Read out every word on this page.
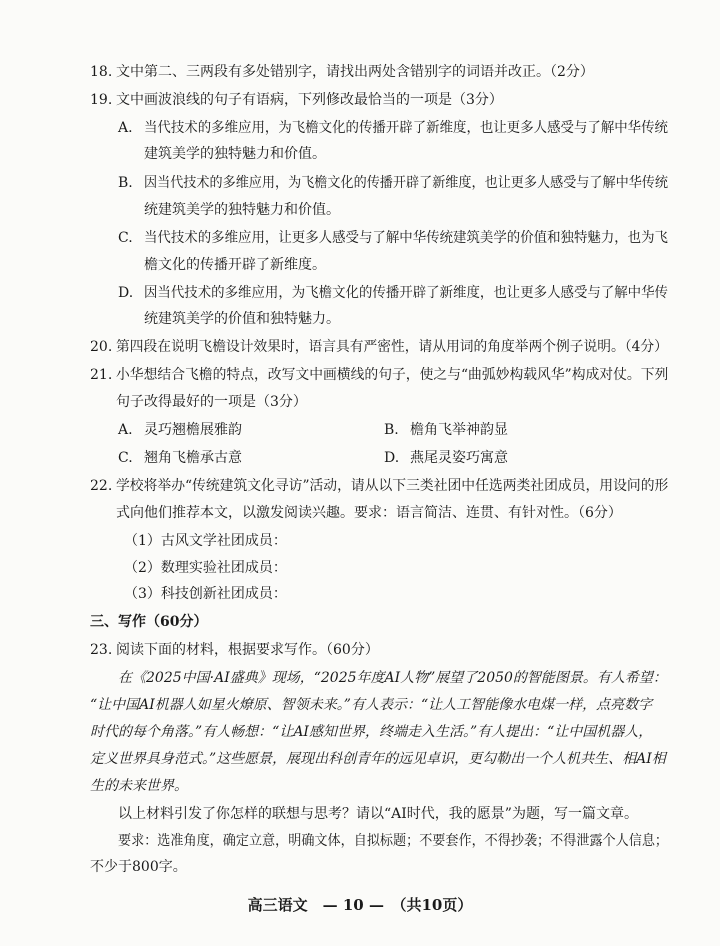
18. 文中第二、三两段有多处错别字，请找出两处含错别字的词语并改正。（2分）
19. 文中画波浪线的句子有语病，下列修改最恰当的一项是（3分）
A. 当代技术的多维应用，为飞檐文化的传播开辟了新维度，也让更多人感受与了解中华传统
建筑美学的独特魅力和价值。
B. 因当代技术的多维应用，为飞檐文化的传播开辟了新维度，也让更多人感受与了解中华传统
统建筑美学的独特魅力和价值。
C. 当代技术的多维应用，让更多人感受与了解中华传统建筑美学的价值和独特魅力，也为飞
檐文化的传播开辟了新维度。
D. 因当代技术的多维应用，为飞檐文化的传播开辟了新维度，也让更多人感受与了解中华传
统建筑美学的价值和独特魅力。
20. 第四段在说明飞檐设计效果时，语言具有严密性，请从用词的角度举两个例子说明。（4分）
21. 小华想结合飞檐的特点，改写文中画横线的句子，使之与“曲弧妙构载风华”构成对仗。下列
句子改得最好的一项是（3分）
A. 灵巧翘檐展雅韵	B. 檐角飞举神韵显
C. 翘角飞檐承古意	D. 燕尾灵姿巧寓意
22. 学校将举办“传统建筑文化寻访”活动，请从以下三类社团中任选两类社团成员，用设问的形
式向他们推荐本文，以激发阅读兴趣。要求：语言简洁、连贯、有针对性。（6分）
（1）古风文学社团成员：
（2）数理实验社团成员：
（3）科技创新社团成员：
三、写作（60分）
23. 阅读下面的材料，根据要求写作。（60分）
在《2025中国·AI盛典》现场，“2025年度AI人物”展望了2050的智能图景。有人希望：
“让中国AI机器人如星火燎原、智领未来。”有人表示：“让人工智能像水电煤一样，点亮数字
时代的每个角落。”有人畅想：“让AI感知世界，终端走入生活。”有人提出：“让中国机器人，
定义世界具身范式。”这些愿景，展现出科创青年的远见卓识，更勾勒出一个人机共生、相AI相
生的未来世界。
以上材料引发了你怎样的联想与思考？请以“AI时代，我的愿景”为题，写一篇文章。
要求：选准角度，确定立意，明确文体，自拟标题；不要套作，不得抄袭；不得泄露个人信息；
不少于800字。
高三语文　— 10 —　（共10页）
